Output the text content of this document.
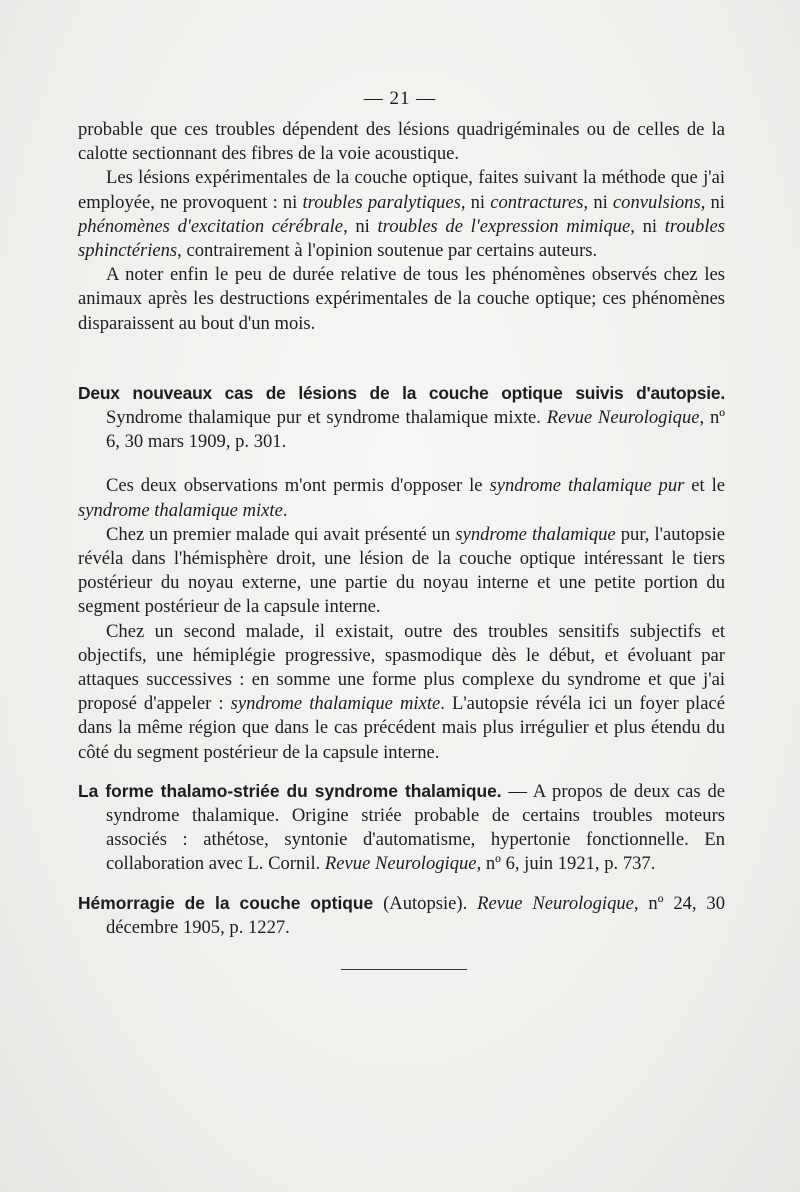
— 21 —

probable que ces troubles dépendent des lésions quadrigéminales ou de celles de la calotte sectionnant des fibres de la voie acoustique.

Les lésions expérimentales de la couche optique, faites suivant la méthode que j'ai employée, ne provoquent : ni troubles paralytiques, ni contractures, ni convulsions, ni phénomènes d'excitation cérébrale, ni troubles de l'expression mimique, ni troubles sphinctériens, contrairement à l'opinion soutenue par certains auteurs.

A noter enfin le peu de durée relative de tous les phénomènes observés chez les animaux après les destructions expérimentales de la couche optique; ces phénomènes disparaissent au bout d'un mois.

Deux nouveaux cas de lésions de la couche optique suivis d'autopsie. Syndrome thalamique pur et syndrome thalamique mixte. Revue Neurologique, nº 6, 30 mars 1909, p. 301.

Ces deux observations m'ont permis d'opposer le syndrome thalamique pur et le syndrome thalamique mixte.

Chez un premier malade qui avait présenté un syndrome thalamique pur, l'autopsie révéla dans l'hémisphère droit, une lésion de la couche optique intéressant le tiers postérieur du noyau externe, une partie du noyau interne et une petite portion du segment postérieur de la capsule interne.

Chez un second malade, il existait, outre des troubles sensitifs subjectifs et objectifs, une hémiplégie progressive, spasmodique dès le début, et évoluant par attaques successives : en somme une forme plus complexe du syndrome et que j'ai proposé d'appeler : syndrome thalamique mixte. L'autopsie révéla ici un foyer placé dans la même région que dans le cas précédent mais plus irrégulier et plus étendu du côté du segment postérieur de la capsule interne.

La forme thalamo-striée du syndrome thalamique. — A propos de deux cas de syndrome thalamique. Origine striée probable de certains troubles moteurs associés : athétose, syntonie d'automatisme, hypertonie fonctionnelle. En collaboration avec L. Cornil. Revue Neurologique, nº 6, juin 1921, p. 737.

Hémorragie de la couche optique (Autopsie). Revue Neurologique, nº 24, 30 décembre 1905, p. 1227.
